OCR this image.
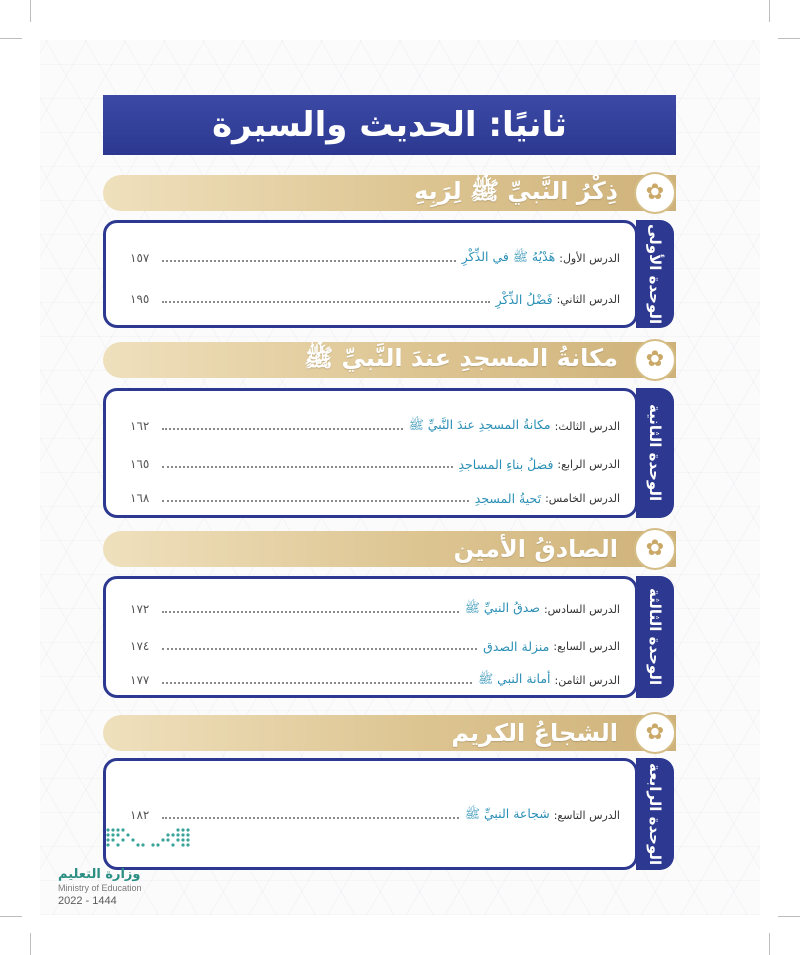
ثانيًا: الحديث والسيرة
✿
ذِكْرُ النَّبيِّ ﷺ لِرَبِهِ
الوحدة الأولى
الدرس الأول:
هَدْيُهُ ﷺ في الذِّكْرِ
١٥٧
الدرس الثاني:
فَضْلُ الذِّكْرِ
١٩٥
✿
مكانةُ المسجدِ عندَ النَّبيِّ ﷺ
الوحدة الثانية
الدرس الثالث:
مكانةُ المسجدِ عندَ النَّبيِّ ﷺ
١٦٢
الدرس الرابع:
فضلُ بناءِ المساجدِ
١٦٥
الدرس الخامس:
تَحيةُ المسجدِ
١٦٨
✿
الصادقُ الأمين
الوحدة الثالثة
الدرس السادس:
صدقُ النبيِّ ﷺ
١٧٢
الدرس السابع:
منزلة الصدق
١٧٤
الدرس الثامن:
أمانة النبي ﷺ
١٧٧
✿
الشجاعُ الكريم
الوحدة الرابعة
الدرس التاسع:
شجاعة النبيِّ ﷺ
١٨٢
وزارة التعليم
Ministry of Education
2022 - 1444
